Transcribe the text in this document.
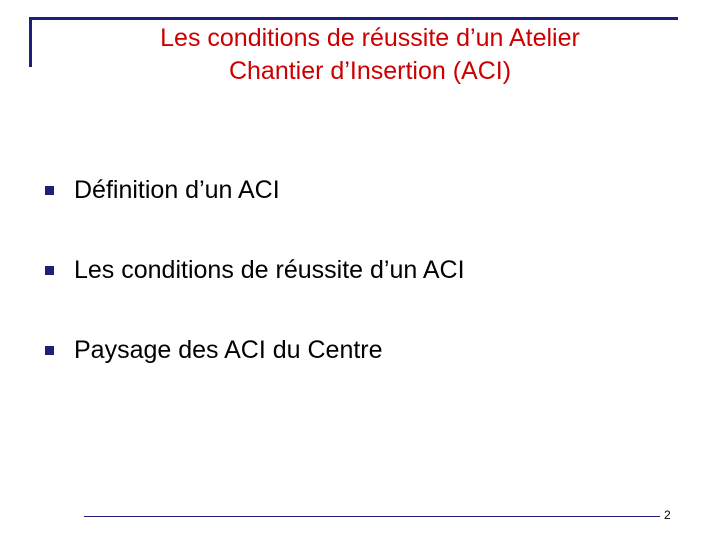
Les conditions de réussite d’un Atelier
Chantier d’Insertion (ACI)
Définition d’un ACI
Les conditions de réussite d’un ACI
Paysage des ACI du Centre
2
